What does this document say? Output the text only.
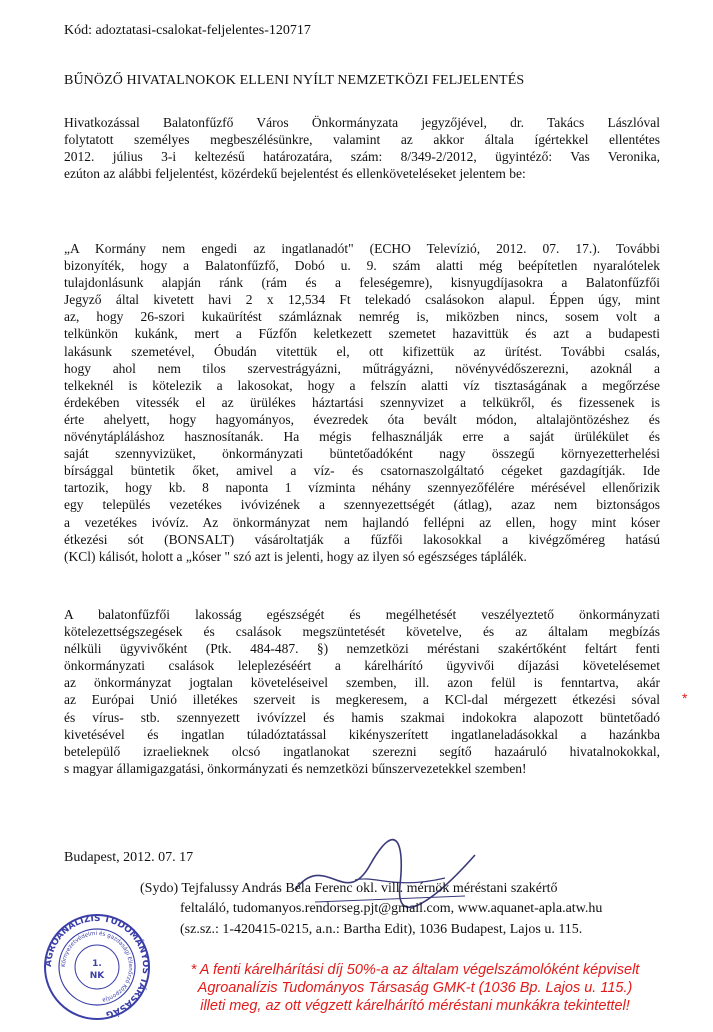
Kód: adoztatasi-csalokat-feljelentes-120717
BŰNÖZŐ HIVATALNOKOK ELLENI NYÍLT NEMZETKÖZI FELJELENTÉS
Hivatkozással Balatonfűzfő Város Önkormányzata jegyzőjével, dr. Takács Lászlóval
folytatott személyes megbeszélésünkre, valamint az akkor általa ígértekkel ellentétes
2012. július 3-i keltezésű határozatára, szám: 8/349-2/2012, ügyintéző: Vas Veronika,
ezúton az alábbi feljelentést, közérdekű bejelentést és ellenköveteléseket jelentem be:
„A Kormány nem engedi az ingatlanadót" (ECHO Televízió, 2012. 07. 17.). További
bizonyíték, hogy a Balatonfűzfő, Dobó u. 9. szám alatti még beépítetlen nyaralótelek
tulajdonlásunk alapján ránk (rám és a feleségemre), kisnyugdíjasokra a Balatonfűzfői
Jegyző által kivetett havi 2 x 12,534 Ft telekadó csalásokon alapul. Éppen úgy, mint
az, hogy 26-szori kukaürítést számláznak nemrég is, miközben nincs, sosem volt a
telkünkön kukánk, mert a Fűzfőn keletkezett szemetet hazavittük és azt a budapesti
lakásunk szemetével, Óbudán vitettük el, ott kifizettük az ürítést. További csalás,
hogy ahol nem tilos szervestrágyázni, műtrágyázni, növényvédőszerezni, azoknál a
telkeknél is kötelezik a lakosokat, hogy a felszín alatti víz tisztaságának a megőrzése
érdekében vitessék el az ürülékes háztartási szennyvizet a telkükről, és fizessenek is
érte ahelyett, hogy hagyományos, évezredek óta bevált módon, altalajöntözéshez és
növénytápláláshoz hasznosítanák. Ha mégis felhasználják erre a saját ürülékület és
saját szennyvizüket, önkormányzati büntetőadóként nagy összegű környezetterhelési
bírsággal büntetik őket, amivel a víz- és csatornaszolgáltató cégeket gazdagítják. Ide
tartozik, hogy kb. 8 naponta 1 vízminta néhány szennyezőfélére mérésével ellenőrizik
egy település vezetékes ivóvizének a szennyezettségét (átlag), azaz nem biztonságos
a vezetékes ivóvíz. Az önkormányzat nem hajlandó fellépni az ellen, hogy mint kóser
étkezési sót (BONSALT) vásároltatják a fűzfői lakosokkal a kivégzőméreg hatású
(KCl) kálisót, holott a „kóser " szó azt is jelenti, hogy az ilyen só egészséges táplálék.
A balatonfűzfői lakosság egészségét és megélhetését veszélyeztető önkormányzati
kötelezettségszegések és csalások megszüntetését követelve, és az általam megbízás
nélküli ügyvivőként (Ptk. 484-487. §) nemzetközi méréstani szakértőként feltárt fenti
önkormányzati csalások leleplezéséért a kárelhárító ügyvivői díjazási követelésemet
az önkormányzat jogtalan követeléseivel szemben, ill. azon felül is fenntartva, akár
az Európai Unió illetékes szerveit is megkeresem, a KCl-dal mérgezett étkezési sóval
és vírus- stb. szennyezett ivóvízzel és hamis szakmai indokokra alapozott büntetőadó
kivetésével és ingatlan túladóztatással kikényszerített ingatlaneladásokkal a hazánkba
betelepülő izraelieknek olcsó ingatlanokat szerezni segítő hazaáruló hivatalnokokkal,
s magyar államigazgatási, önkormányzati és nemzetközi bűnszervezetekkel szemben!
*
Budapest, 2012. 07. 17
(Sydo) Tejfalussy András Béla Ferenc okl. vill. mérnök méréstani szakértő
feltaláló, tudomanyos.rendorseg.pjt@gmail.com, www.aquanet-apla.atw.hu
(sz.sz.: 1-420415-0215, a.n.: Bartha Edit), 1036 Budapest, Lajos u. 115.
AGROANALIZIS TUDOMÁNYOS TÁRSASÁG
Környezetvédelmi és gazdasági Ellenőrző Központja
1.
NK	* A fenti kárelhárítási díj 50%-a az általam végelszámolóként képviselt
Agroanalízis Tudományos Társaság GMK-t (1036 Bp. Lajos u. 115.)
illeti meg, az ott végzett kárelhárító méréstani munkákra tekintettel!
